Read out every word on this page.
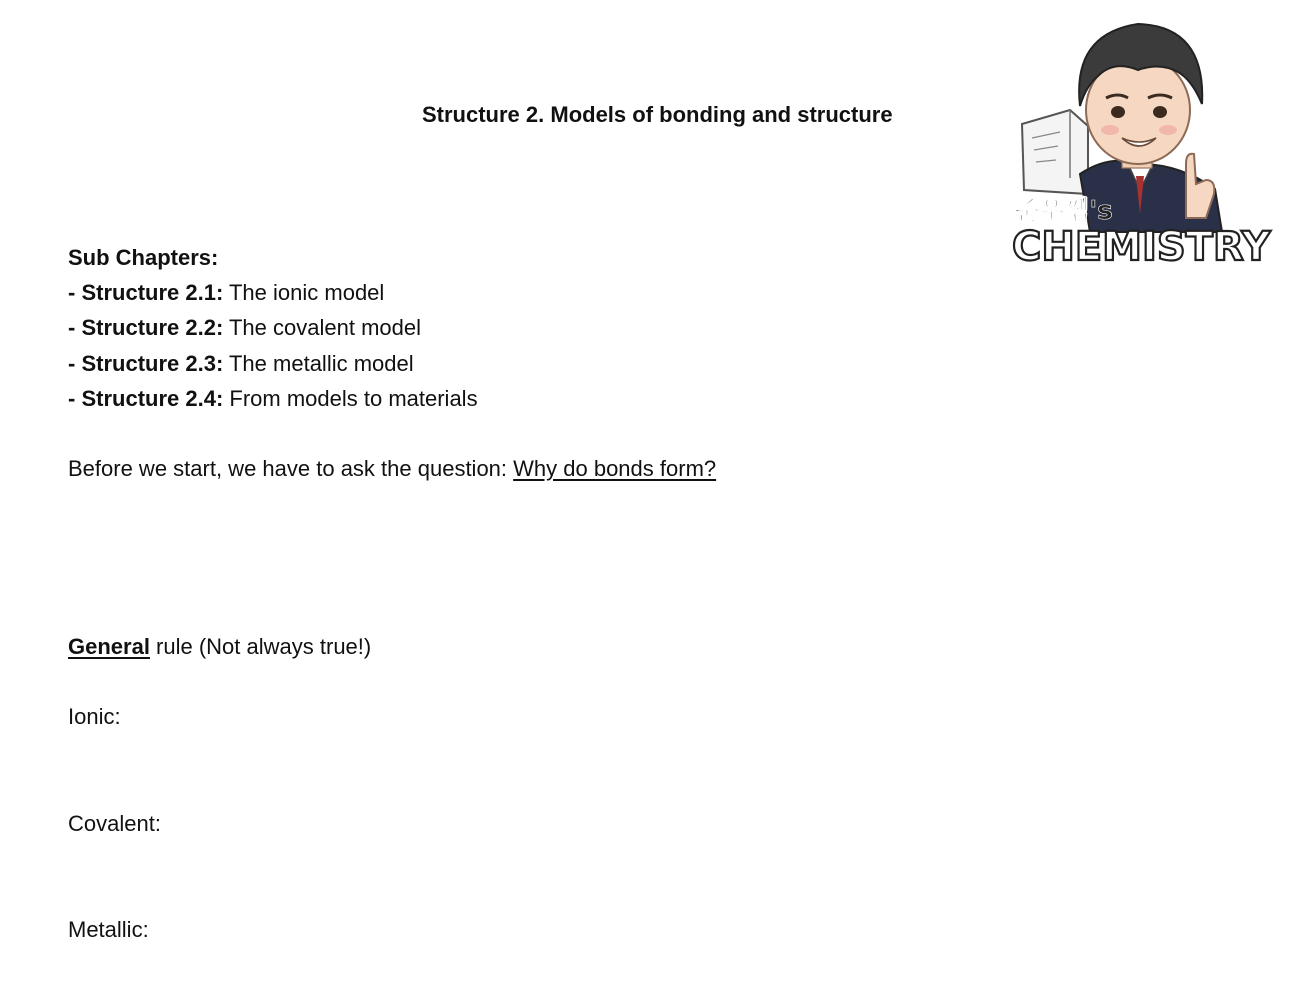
Structure 2. Models of bonding and structure
준우쌤's
CHEMISTRY
Sub Chapters:
- Structure 2.1: The ionic model
- Structure 2.2: The covalent model
- Structure 2.3: The metallic model
- Structure 2.4: From models to materials
Before we start, we have to ask the question: Why do bonds form?
General rule (Not always true!)
Ionic:
Covalent:
Metallic:
